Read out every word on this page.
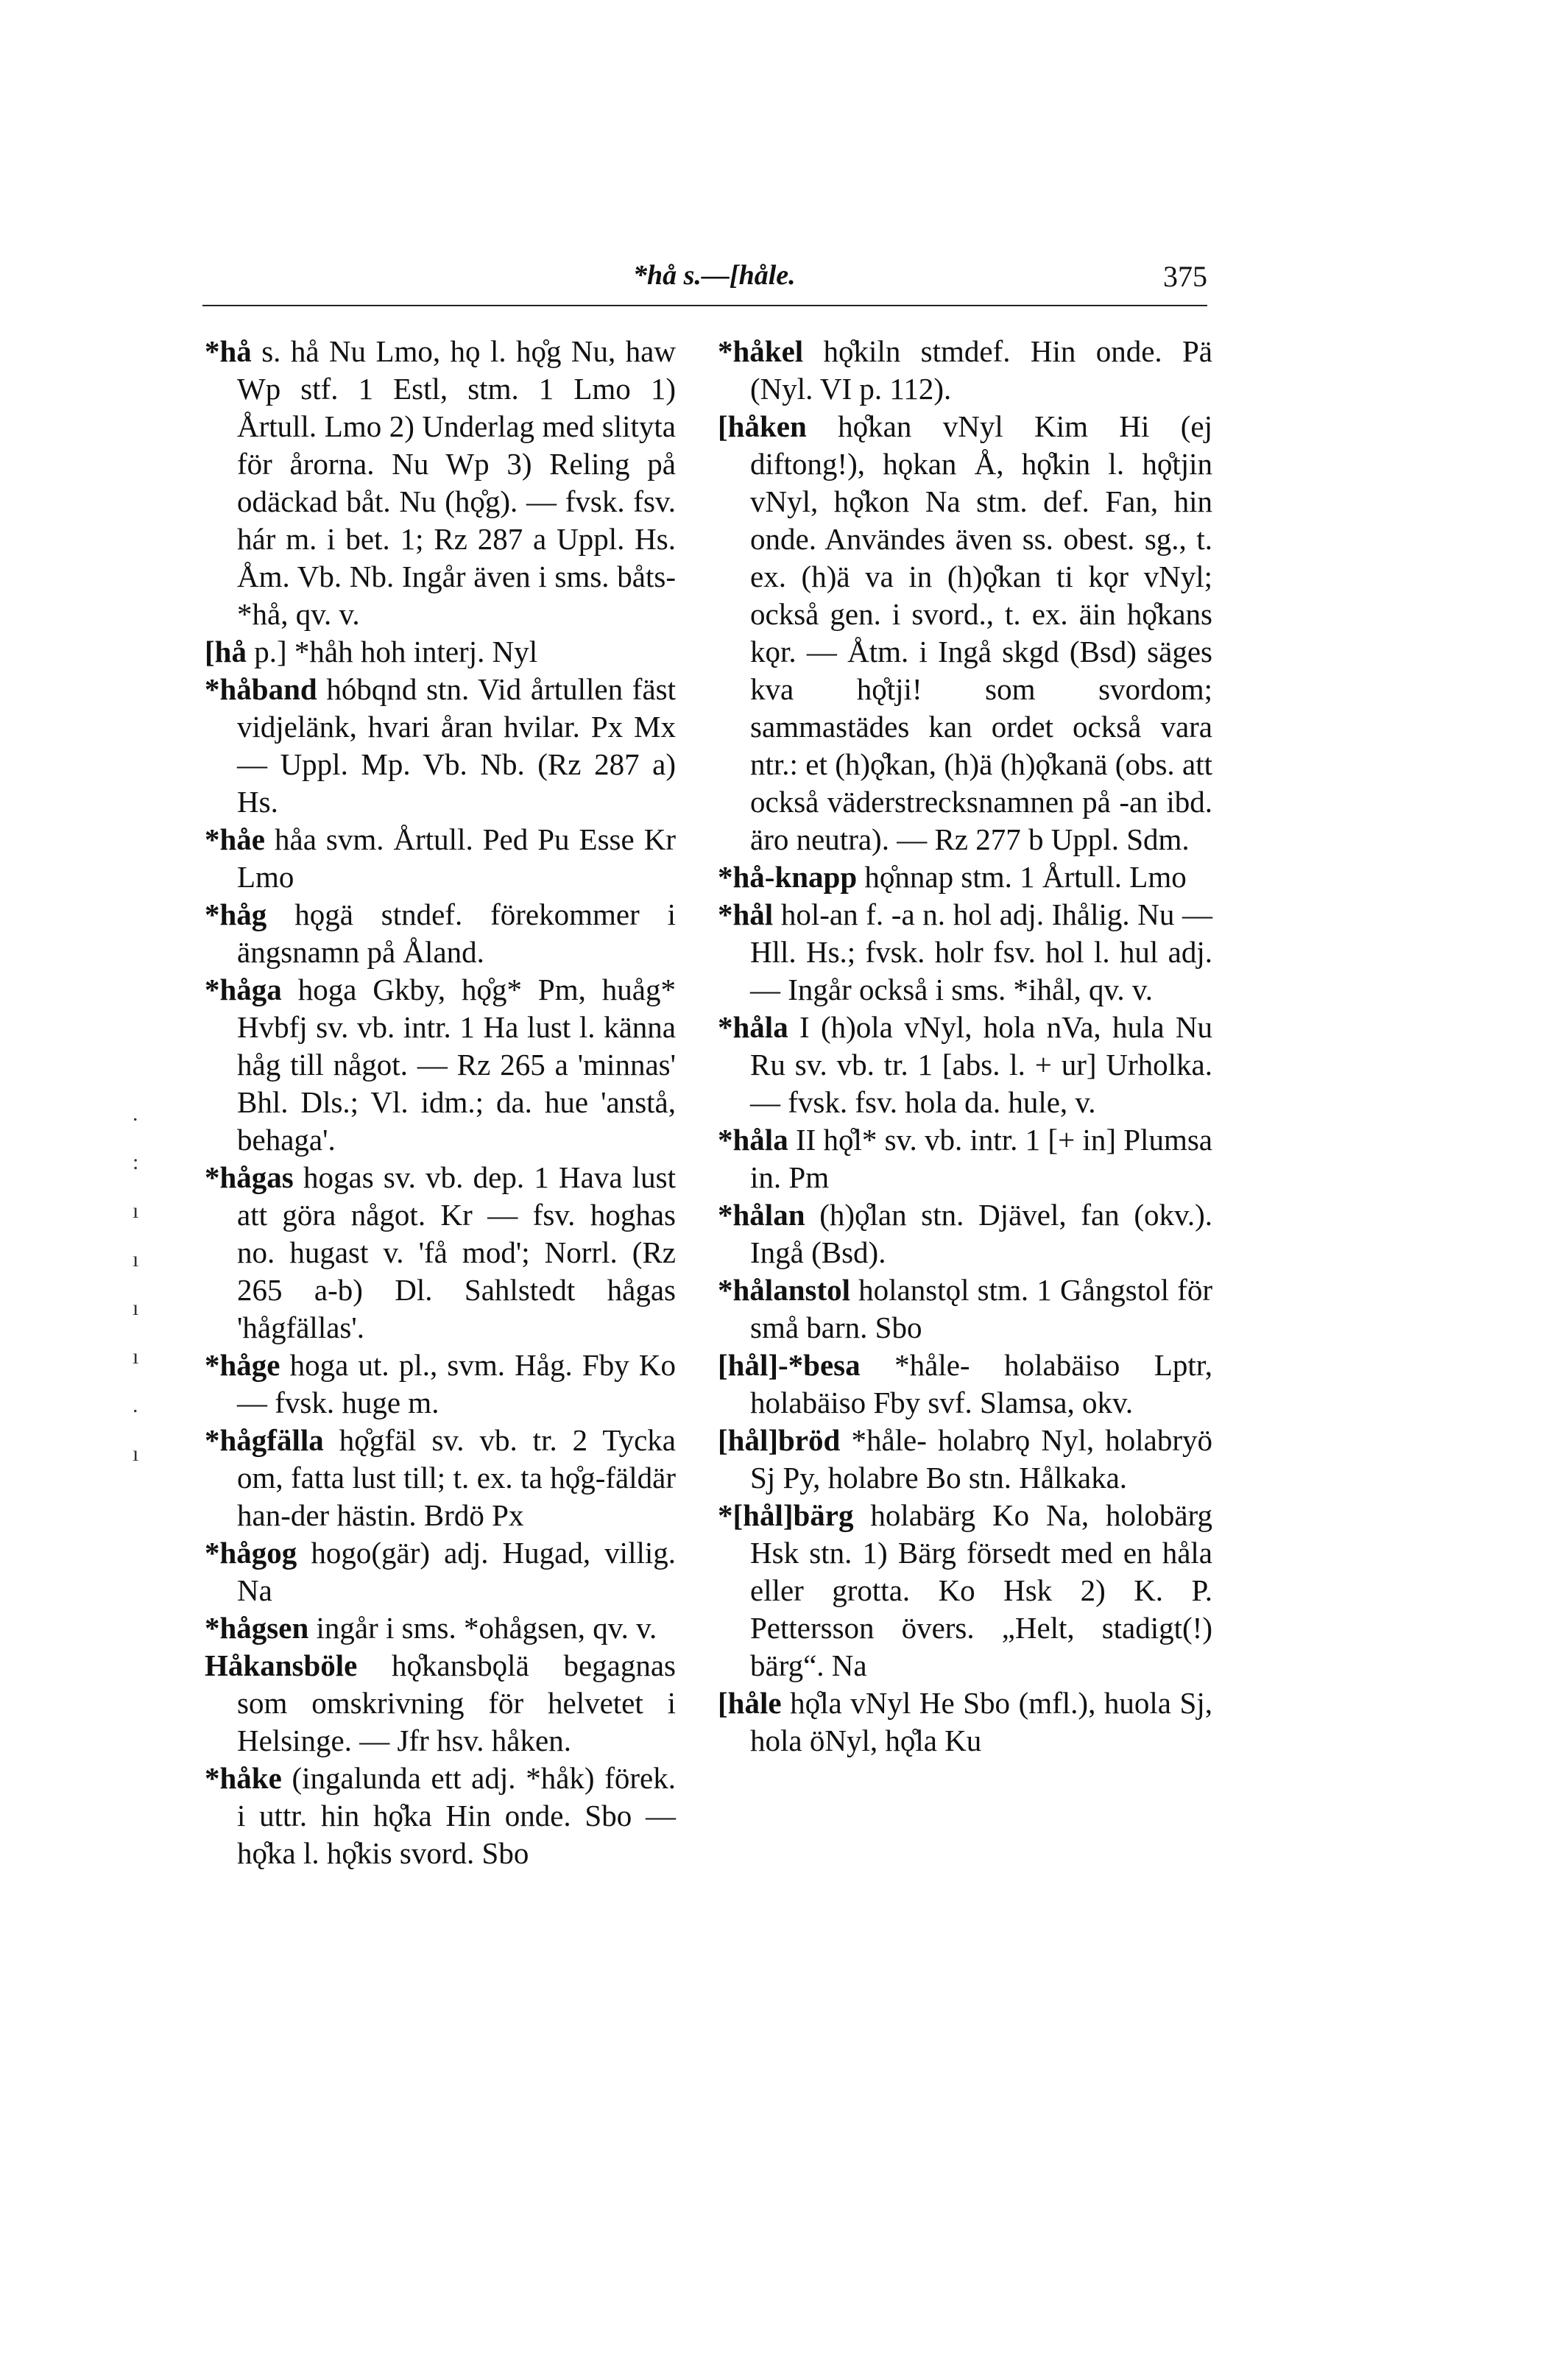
*hå s.—[håle.	375
.
:
ı
ı
ı
ı
.
ı

*hå s. hå Nu Lmo, hǫ l. hǫ̊g Nu, haw Wp stf. 1 Estl, stm. 1 Lmo 1) Årtull. Lmo 2) Underlag med slityta för årorna. Nu Wp 3) Reling på odäckad båt. Nu (hǫ̊g). — fvsk. fsv. hár m. i bet. 1; Rz 287 a Uppl. Hs. Åm. Vb. Nb. Ingår även i sms. båts-*hå, qv. v.

[hå p.] *håh hoh interj. Nyl

*håband hóbqnd stn. Vid årtullen fäst vidjelänk, hvari åran hvilar. Px Mx — Uppl. Mp. Vb. Nb. (Rz 287 a) Hs.

*håe håa svm. Årtull. Ped Pu Esse Kr Lmo

*håg hǫgä stndef. förekommer i ängsnamn på Åland.

*håga hoga Gkby, hǫ̊g* Pm, huåg* Hvbfj sv. vb. intr. 1 Ha lust l. känna håg till något. — Rz 265 a 'minnas' Bhl. Dls.; Vl. idm.; da. hue 'anstå, behaga'.

*hågas hogas sv. vb. dep. 1 Hava lust att göra något. Kr — fsv. hoghas no. hugast v. 'få mod'; Norrl. (Rz 265 a-b) Dl. Sahlstedt hågas 'hågfällas'.

*håge hoga ut. pl., svm. Håg. Fby Ko — fvsk. huge m.

*hågfälla hǫ̊gfäl sv. vb. tr. 2 Tycka om, fatta lust till; t. ex. ta hǫ̊g-fäldär han-der hästin. Brdö Px

*hågog hogo(gär) adj. Hugad, villig. Na

*hågsen ingår i sms. *ohågsen, qv. v.

Håkansböle hǫ̊kansbǫlä begagnas som omskrivning för helvetet i Helsinge. — Jfr hsv. håken.

*håke (ingalunda ett adj. *håk) förek. i uttr. hin hǫ̊ka Hin onde. Sbo — hǫ̊ka l. hǫ̊kis svord. Sbo

*håkel hǫ̊kiln stmdef. Hin onde. Pä (Nyl. VI p. 112).

[håken hǫ̊kan vNyl Kim Hi (ej diftong!), hǫkan Å, hǫ̊kin l. hǫ̊tjin vNyl, hǫ̊kon Na stm. def. Fan, hin onde. Användes även ss. obest. sg., t. ex. (h)ä va in (h)ǫ̊kan ti kǫr vNyl; också gen. i svord., t. ex. äin hǫ̊kans kǫr. — Åtm. i Ingå skgd (Bsd) säges kva hǫ̊tji! som svordom; sammastädes kan ordet också vara ntr.: et (h)ǫ̊kan, (h)ä (h)ǫ̊kanä (obs. att också väderstrecksnamnen på -an ibd. äro neutra). — Rz 277 b Uppl. Sdm.

*hå-knapp hǫ̊nnap stm. 1 Årtull. Lmo

*hål hol-an f. -a n. hol adj. Ihålig. Nu — Hll. Hs.; fvsk. holr fsv. hol l. hul adj. — Ingår också i sms. *ihål, qv. v.

*håla I (h)ola vNyl, hola nVa, hula Nu Ru sv. vb. tr. 1 [abs. l. + ur] Urholka. — fvsk. fsv. hola da. hule, v.

*håla II hǫ̊l* sv. vb. intr. 1 [+ in] Plumsa in. Pm

*hålan (h)ǫ̊lan stn. Djävel, fan (okv.). Ingå (Bsd).

*hålanstol holanstǫl stm. 1 Gångstol för små barn. Sbo

[hål]-*besa *håle- holabäiso Lptr, holabäiso Fby svf. Slamsa, okv.

[hål]bröd *håle- holabrǫ Nyl, holabryö Sj Py, holabre Bo stn. Hålkaka.

*[hål]bärg holabärg Ko Na, holobärg Hsk stn. 1) Bärg försedt med en håla eller grotta. Ko Hsk 2) K. P. Pettersson övers. „Helt, stadigt(!) bärg“. Na

[håle hǫ̊la vNyl He Sbo (mfl.), huola Sj, hola öNyl, hǫ̊la Ku
